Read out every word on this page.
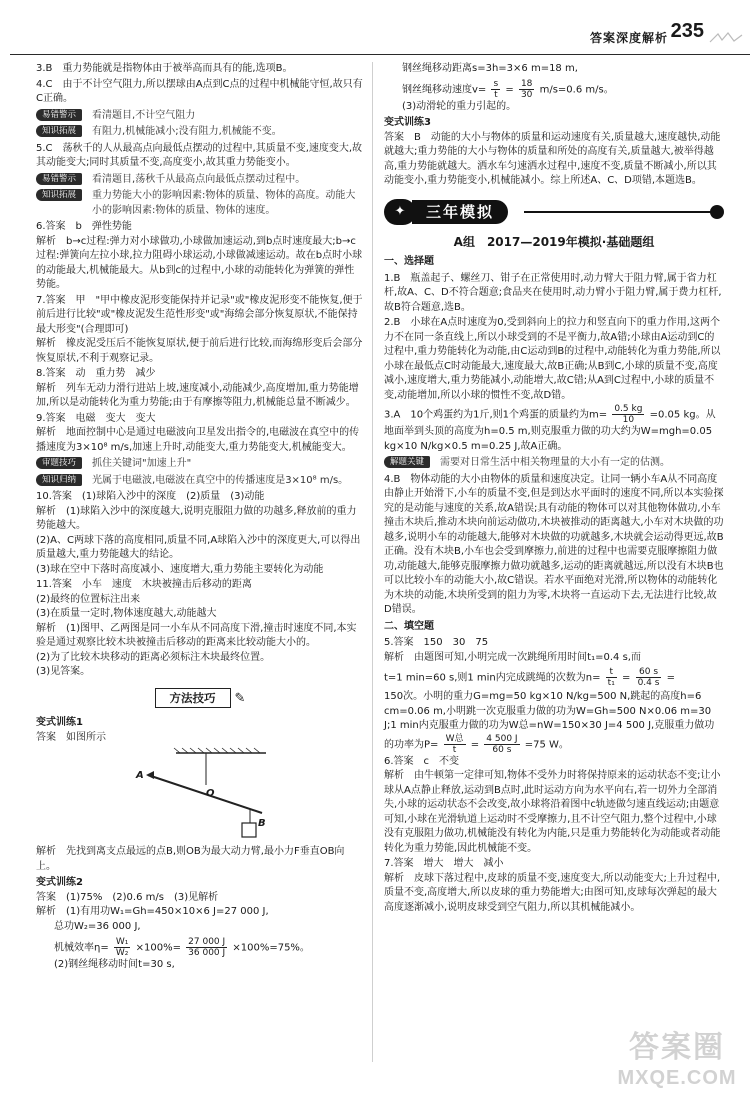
答案深度解析 235

3.B　重力势能就是指物体由于被举高而具有的能,选项B。

4.C　由于不计空气阻力,所以摆球由A点到C点的过程中机械能守恒,故只有C正确。

易错警示	看清题目,不计空气阻力
知识拓展	有阻力,机械能减小;没有阻力,机械能不变。

5.C　荡秋千的人从最高点向最低点摆动的过程中,其质量不变,速度变大,故其动能变大;同时其质量不变,高度变小,故其重力势能变小。

易错警示	看清题目,荡秋千从最高点向最低点摆动过程中。
知识拓展	重力势能大小的影响因素:物体的质量、物体的高度。动能大小的影响因素:物体的质量、物体的速度。

6.答案　b　弹性势能
解析　b→c过程:弹力对小球做功,小球做加速运动,到b点时速度最大;b→c过程:弹簧向左拉小球,拉力阻碍小球运动,小球做减速运动。故在b点时小球的动能最大,机械能最大。从b到c的过程中,小球的动能转化为弹簧的弹性势能。

7.答案　甲　"甲中橡皮泥形变能保持并记录"或"橡皮泥形变不能恢复,便于前后进行比较"或"橡皮泥发生范性形变"或"海绵会部分恢复原状,不能保持最大形变"(合理即可)
解析　橡皮泥受压后不能恢复原状,便于前后进行比较,而海绵形变后会部分恢复原状,不利于观察记录。

8.答案　动　重力势　减少
解析　列车无动力滑行进站上坡,速度减小,动能减少,高度增加,重力势能增加,所以是动能转化为重力势能;由于有摩擦等阻力,机械能总量不断减少。

9.答案　电磁　变大　变大
解析　地面控制中心是通过电磁波向卫星发出指令的,电磁波在真空中的传播速度为3×10⁸ m/s,加速上升时,动能变大,重力势能变大,机械能变大。

审题技巧	抓住关键词"加速上升"
知识归纳	光属于电磁波,电磁波在真空中的传播速度是3×10⁸ m/s。

10.答案　(1)球陷入沙中的深度　(2)质量　(3)动能
解析　(1)球陷入沙中的深度越大,说明克服阻力做的功越多,释放前的重力势能越大。
(2)A、C两球下落的高度相同,质量不同,A球陷入沙中的深度更大,可以得出质量越大,重力势能越大的结论。
(3)球在空中下落时高度减小、速度增大,重力势能主要转化为动能

11.答案　小车　速度　木块被撞击后移动的距离
(2)最终的位置标注出来
(3)在质量一定时,物体速度越大,动能越大
解析　(1)图甲、乙两图是同一小车从不同高度下滑,撞击时速度不同,本实验是通过观察比较木块被撞击后移动的距离来比较动能大小的。
(2)为了比较木块移动的距离必须标注木块最终位置。
(3)见答案。

方法技巧 ✎
变式训练1
答案　如图所示
A
O
B
解析　先找到离支点最远的点B,则OB为最大动力臂,最小力F垂直OB向上。
变式训练2
答案　(1)75%　(2)0.6 m/s　(3)见解析
解析　(1)有用功W₁=Gh=450×10×6 J=27 000 J,
总功W₂=36 000 J,
机械效率$\eta= \frac{\text{W₁}}{\text{W₂}} \times 100\%= \frac{27 000 J}{36 000 J} \times 100\%=75\%$。
(2)钢丝绳移动时间t=30 s,
钢丝绳移动距离s=3h=3×6 m=18 m,
钢丝绳移动速度$v= \frac{s}{t} = \frac{18}{30} m/s=0.6$ m/s。
(3)动滑轮的重力引起的。
变式训练3

答案　B　动能的大小与物体的质量和运动速度有关,质量越大,速度越快,动能就越大;重力势能的大小与物体的质量和所处的高度有关,质量越大,被举得越高,重力势能就越大。洒水车匀速洒水过程中,速度不变,质量不断减小,所以其动能变小,重力势能变小,机械能减小。综上所述A、C、D项错,本题选B。

✦	三年模拟
A组　2017—2019年模拟·基础题组
一、选择题

1.B　瓶盖起子、螺丝刀、钳子在正常使用时,动力臂大于阻力臂,属于省力杠杆,故A、C、D不符合题意;食品夹在使用时,动力臂小于阻力臂,属于费力杠杆,故B符合题意,选B。

2.B　小球在A点时速度为0,受到斜向上的拉力和竖直向下的重力作用,这两个力不在同一条直线上,所以小球受到的不是平衡力,故A错;小球由A运动到C的过程中,重力势能转化为动能,由C运动到B的过程中,动能转化为重力势能,所以小球在最低点C时动能最大,速度最大,故B正确;从B到C,小球的质量不变,高度减小,速度增大,重力势能减小,动能增大,故C错;从A到C过程中,小球的质量不变,动能增加,所以小球的惯性不变,故D错。

3.A　10个鸡蛋约为1斤,则1个鸡蛋的质量约为$m= \frac{0.5 kg}{10} =0.05$ kg。从地面举到头顶的高度为h=0.5 m,则克服重力做的功大约为W=mgh=0.05 kg×10 N/kg×0.5 m=0.25 J,故A正确。
解题关键	需要对日常生活中相关物理量的大小有一定的估测。

4.B　物体动能的大小由物体的质量和速度决定。让同一辆小车A从不同高度由静止开始滑下,小车的质量不变,但是到达水平面时的速度不同,所以本实验探究的是动能与速度的关系,故A错误;具有动能的物体可以对其他物体做功,小车撞击木块后,推动木块向前运动做功,木块被推动的距离越大,小车对木块做的功越多,说明小车的动能越大,能够对木块做的功就越多,木块就会运动得更远,故B正确。没有木块B,小车也会受到摩擦力,前进的过程中也需要克服摩擦阻力做功,动能越大,能够克服摩擦力做功就越多,运动的距离就越远,所以没有木块B也可以比较小车的动能大小,故C错误。若水平面绝对光滑,所以物体的动能转化为木块的动能,木块所受到的阻力为零,木块将一直运动下去,无法进行比较,故D错误。

二、填空题
5.答案　150　30　75
解析　由题图可知,小明完成一次跳绳所用时间t₁=0.4 s,而
t=1 min=60 s,则1 min内完成跳绳的次数为$n= \frac{t}{\text{t₁}} = \frac{60 s}{0.4 s}$ =
150次。小明的重力G=mg=50 kg×10 N/kg=500 N,跳起的高度h=6 cm=0.06 m,小明跳一次克服重力做的功为W=Gh=500 N×0.06 m=30 J;1 min内克服重力做的功为W总=nW=150×30 J=4 500 J,克服重力做功的功率为$P= \frac{\text{W总}}{t} = \frac{4 500 J}{60 s} =75$ W。

6.答案　c　不变
解析　由牛顿第一定律可知,物体不受外力时将保持原来的运动状态不变;让小球从A点静止释放,运动到B点时,此时运动方向为水平向右,若一切外力全部消失,小球的运动状态不会改变,故小球将沿着图中c轨迹做匀速直线运动;由题意可知,小球在光滑轨道上运动时不受摩擦力,且不计空气阻力,整个过程中,小球没有克服阻力做功,机械能没有转化为内能,只是重力势能转化为动能或者动能转化为重力势能,因此机械能不变。

7.答案　增大　增大　减小
解析　皮球下落过程中,皮球的质量不变,速度变大,所以动能变大;上升过程中,质量不变,高度增大,所以皮球的重力势能增大;由图可知,皮球每次弹起的最大高度逐渐减小,说明皮球受到空气阻力,所以其机械能减小。

答案圈
MXQE.COM
